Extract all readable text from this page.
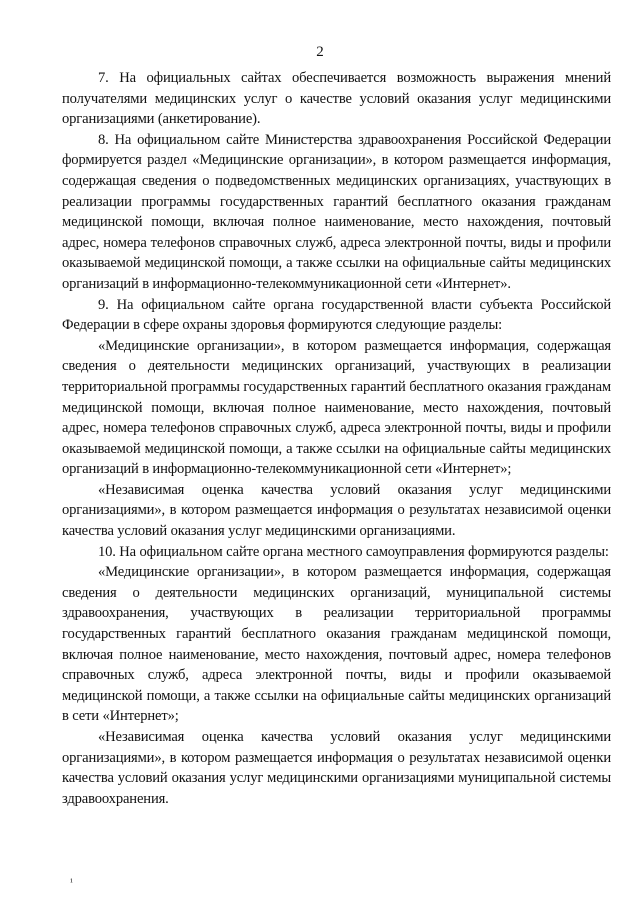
2

7. На официальных сайтах обеспечивается возможность выражения мнений получателями медицинских услуг о качестве условий оказания услуг медицинскими организациями (анкетирование).

8. На официальном сайте Министерства здравоохранения Российской Федерации формируется раздел «Медицинские организации», в котором размещается информация, содержащая сведения о подведомственных медицинских организациях, участвующих в реализации программы государственных гарантий бесплатного оказания гражданам медицинской помощи, включая полное наименование, место нахождения, почтовый адрес, номера телефонов справочных служб, адреса электронной почты, виды и профили оказываемой медицинской помощи, а также ссылки на официальные сайты медицинских организаций в информационно-телекоммуникационной сети «Интернет».

9. На официальном сайте органа государственной власти субъекта Российской Федерации в сфере охраны здоровья формируются следующие разделы:

«Медицинские организации», в котором размещается информация, содержащая сведения о деятельности медицинских организаций, участвующих в реализации территориальной программы государственных гарантий бесплатного оказания гражданам медицинской помощи, включая полное наименование, место нахождения, почтовый адрес, номера телефонов справочных служб, адреса электронной почты, виды и профили оказываемой медицинской помощи, а также ссылки на официальные сайты медицинских организаций в информационно-телекоммуникационной сети «Интернет»;

«Независимая оценка качества условий оказания услуг медицинскими организациями», в котором размещается информация о результатах независимой оценки качества условий оказания услуг медицинскими организациями.

10. На официальном сайте органа местного самоуправления формируются разделы:

«Медицинские организации», в котором размещается информация, содержащая сведения о деятельности медицинских организаций, муниципальной системы здравоохранения, участвующих в реализации территориальной программы государственных гарантий бесплатного оказания гражданам медицинской помощи, включая полное наименование, место нахождения, почтовый адрес, номера телефонов справочных служб, адреса электронной почты, виды и профили оказываемой медицинской помощи, а также ссылки на официальные сайты медицинских организаций в сети «Интернет»;

«Независимая оценка качества условий оказания услуг медицинскими организациями», в котором размещается информация о результатах независимой оценки качества условий оказания услуг медицинскими организациями муниципальной системы здравоохранения.

¹
